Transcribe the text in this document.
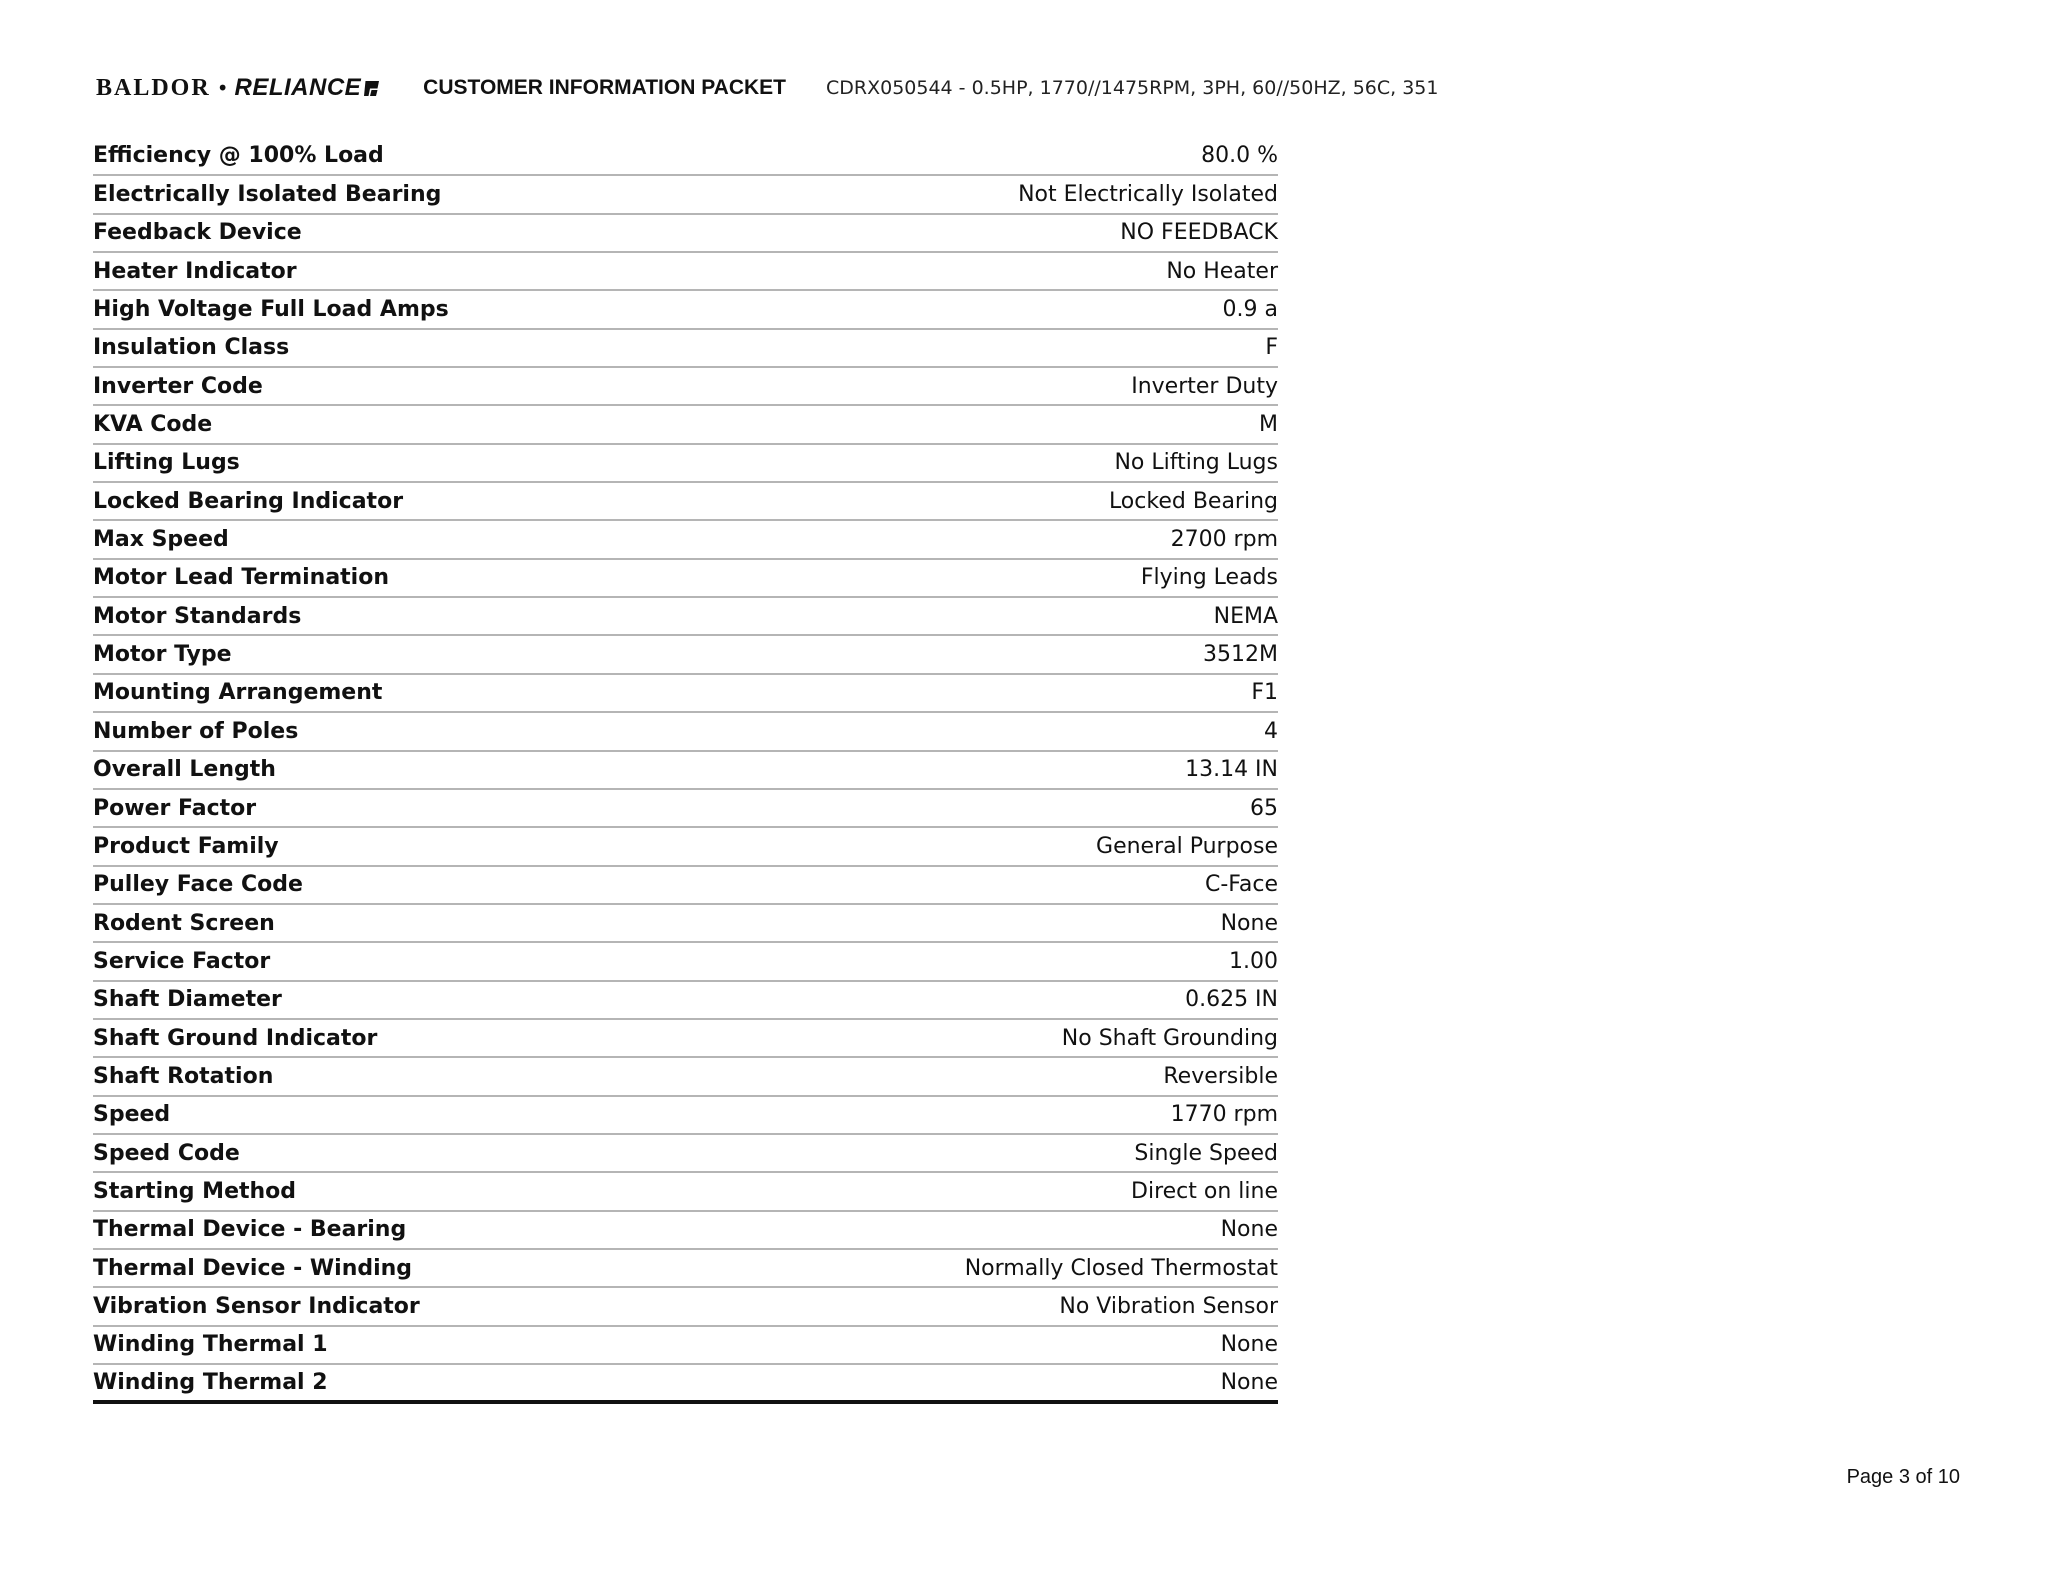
BALDOR • RELIANCE	CUSTOMER INFORMATION PACKET CDRX050544 - 0.5HP, 1770//1475RPM, 3PH, 60//50HZ, 56C, 351
Efficiency @ 100% Load	80.0 %
Electrically Isolated Bearing	Not Electrically Isolated
Feedback Device	NO FEEDBACK
Heater Indicator	No Heater
High Voltage Full Load Amps	0.9 a
Insulation Class	F
Inverter Code	Inverter Duty
KVA Code	M
Lifting Lugs	No Lifting Lugs
Locked Bearing Indicator	Locked Bearing
Max Speed	2700 rpm
Motor Lead Termination	Flying Leads
Motor Standards	NEMA
Motor Type	3512M
Mounting Arrangement	F1
Number of Poles	4
Overall Length	13.14 IN
Power Factor	65
Product Family	General Purpose
Pulley Face Code	C-Face
Rodent Screen	None
Service Factor	1.00
Shaft Diameter	0.625 IN
Shaft Ground Indicator	No Shaft Grounding
Shaft Rotation	Reversible
Speed	1770 rpm
Speed Code	Single Speed
Starting Method	Direct on line
Thermal Device - Bearing	None
Thermal Device - Winding	Normally Closed Thermostat
Vibration Sensor Indicator	No Vibration Sensor
Winding Thermal 1	None
Winding Thermal 2	None
Page 3 of 10
